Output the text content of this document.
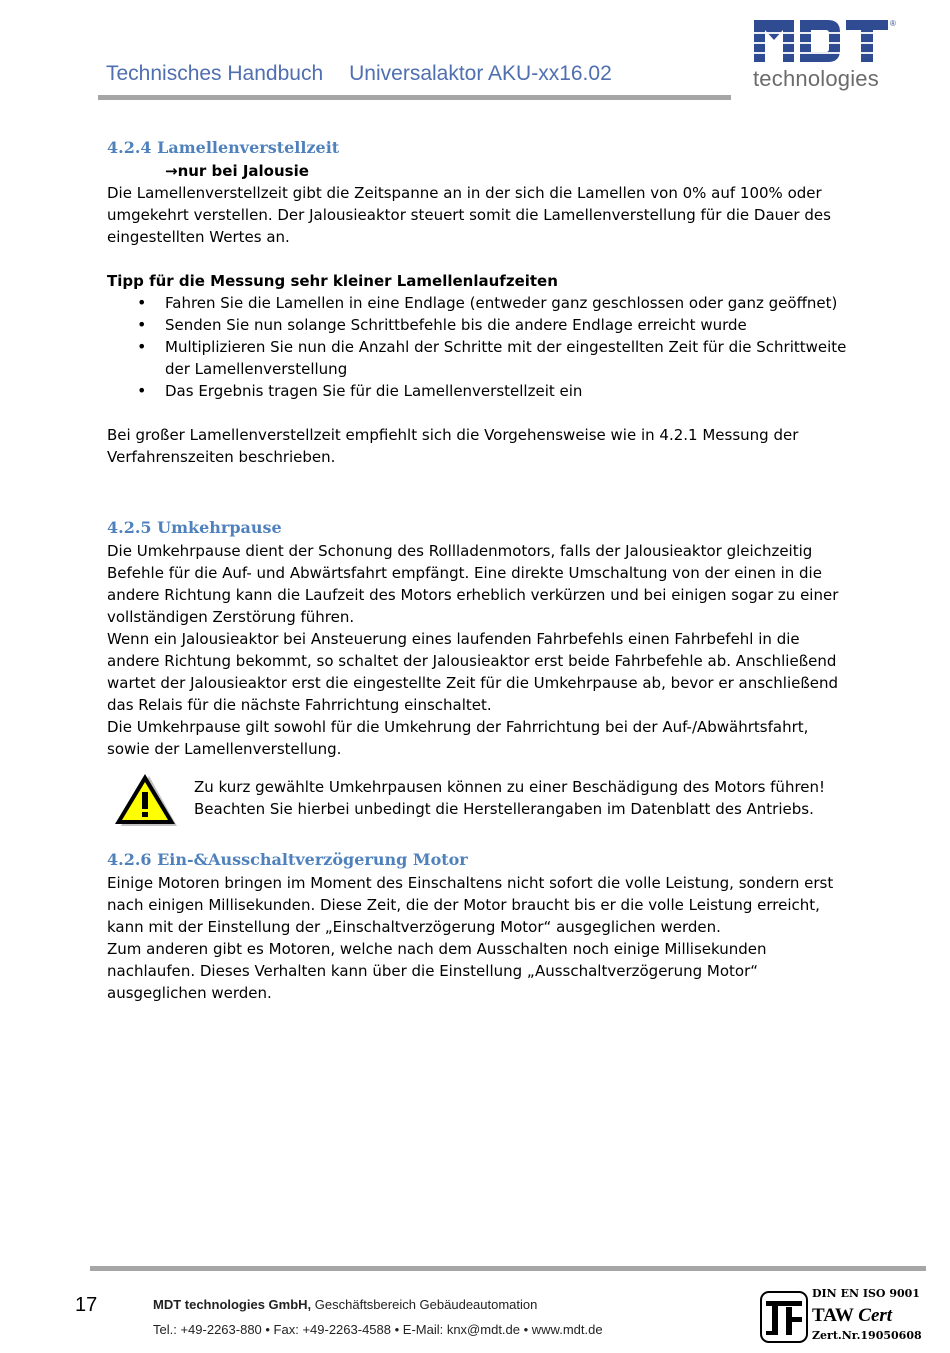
Technisches Handbuch Universalaktor AKU-xx16.02
®
technologies
4.2.4 Lamellenverstellzeit

→nur bei Jalousie

Die Lamellenverstellzeit gibt die Zeitspanne an in der sich die Lamellen von 0% auf 100% oder umgekehrt verstellen. Der Jalousieaktor steuert somit die Lamellenverstellung für die Dauer des eingestellten Wertes an.

Tipp für die Messung sehr kleiner Lamellenlaufzeiten

• Fahren Sie die Lamellen in eine Endlage (entweder ganz geschlossen oder ganz geöffnet)
• Senden Sie nun solange Schrittbefehle bis die andere Endlage erreicht wurde
• Multiplizieren Sie nun die Anzahl der Schritte mit der eingestellten Zeit für die Schrittweite der Lamellenverstellung
• Das Ergebnis tragen Sie für die Lamellenverstellzeit ein

Bei großer Lamellenverstellzeit empfiehlt sich die Vorgehensweise wie in 4.2.1 Messung der Verfahrenszeiten beschrieben.

4.2.5 Umkehrpause

Die Umkehrpause dient der Schonung des Rollladenmotors, falls der Jalousieaktor gleichzeitig Befehle für die Auf- und Abwärtsfahrt empfängt. Eine direkte Umschaltung von der einen in die andere Richtung kann die Laufzeit des Motors erheblich verkürzen und bei einigen sogar zu einer vollständigen Zerstörung führen.

Wenn ein Jalousieaktor bei Ansteuerung eines laufenden Fahrbefehls einen Fahrbefehl in die andere Richtung bekommt, so schaltet der Jalousieaktor erst beide Fahrbefehle ab. Anschließend wartet der Jalousieaktor erst die eingestellte Zeit für die Umkehrpause ab, bevor er anschließend das Relais für die nächste Fahrrichtung einschaltet.

Die Umkehrpause gilt sowohl für die Umkehrung der Fahrrichtung bei der Auf-/Abwährtsfahrt, sowie der Lamellenverstellung.

Zu kurz gewählte Umkehrpausen können zu einer Beschädigung des Motors führen!

Beachten Sie hierbei unbedingt die Herstellerangaben im Datenblatt des Antriebs.

4.2.6 Ein-&Ausschaltverzögerung Motor

Einige Motoren bringen im Moment des Einschaltens nicht sofort die volle Leistung, sondern erst nach einigen Millisekunden. Diese Zeit, die der Motor braucht bis er die volle Leistung erreicht, kann mit der Einstellung der „Einschaltverzögerung Motor“ ausgeglichen werden.

Zum anderen gibt es Motoren, welche nach dem Ausschalten noch einige Millisekunden nachlaufen. Dieses Verhalten kann über die Einstellung „Ausschaltverzögerung Motor“ ausgeglichen werden.

17	MDT technologies GmbH, Geschäftsbereich Gebäudeautomation
Tel.: +49-2263-880 • Fax: +49-2263-4588 • E-Mail: knx@mdt.de • www.mdt.de
DIN EN ISO 9001
TAW Cert
Zert.Nr.19050608
